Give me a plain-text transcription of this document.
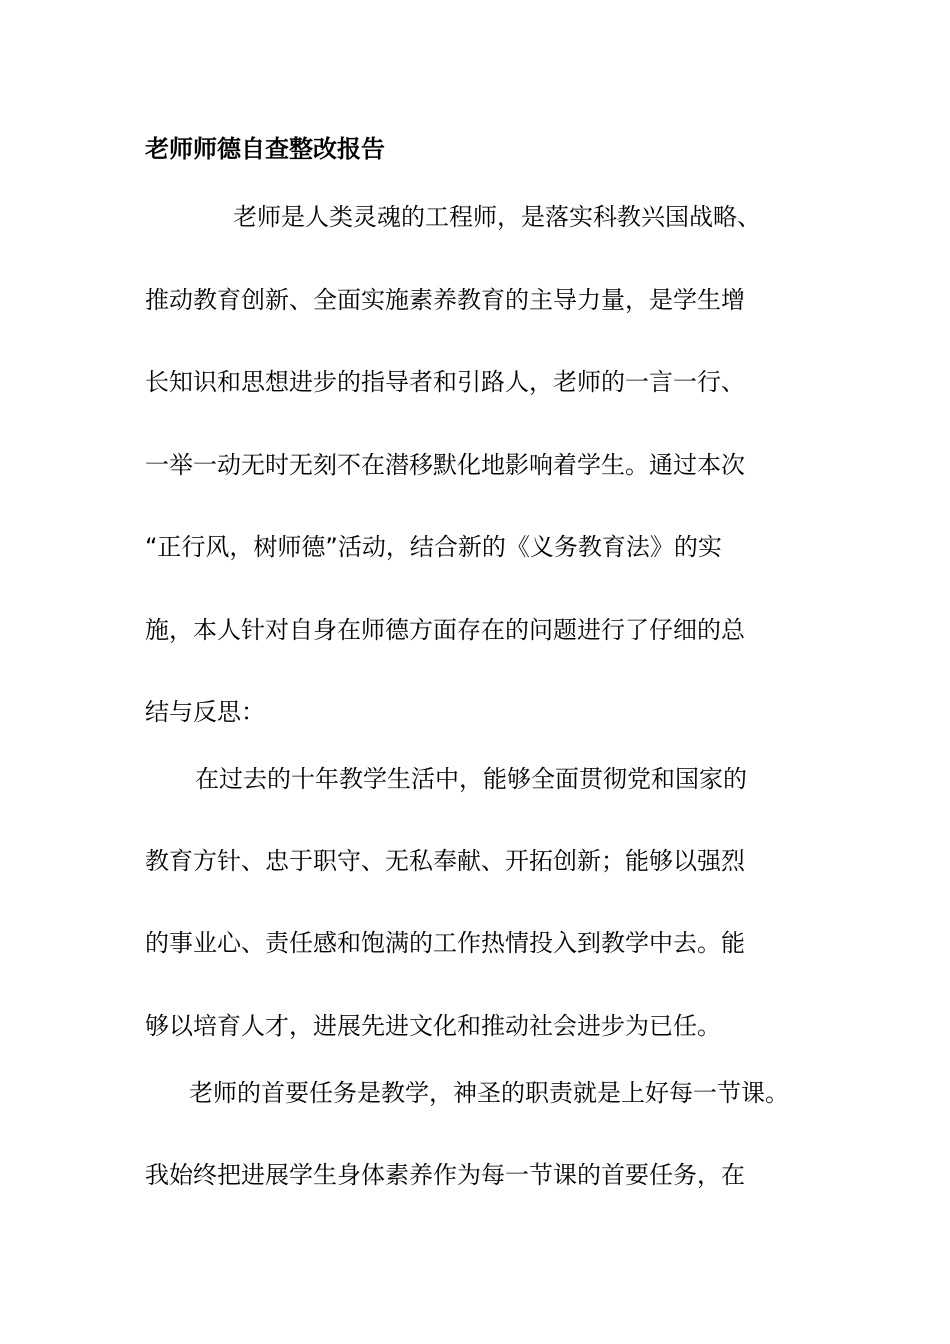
老师师德自查整改报告
老师是人类灵魂的工程师，是落实科教兴国战略、
推动教育创新、全面实施素养教育的主导力量，是学生增
长知识和思想进步的指导者和引路人，老师的一言一行、
一举一动无时无刻不在潜移默化地影响着学生。通过本次
“正行风，树师德”活动，结合新的《义务教育法》的实
施，本人针对自身在师德方面存在的问题进行了仔细的总
结与反思：
在过去的十年教学生活中，能够全面贯彻党和国家的
教育方针、忠于职守、无私奉献、开拓创新；能够以强烈
的事业心、责任感和饱满的工作热情投入到教学中去。能
够以培育人才，进展先进文化和推动社会进步为已任。
老师的首要任务是教学，神圣的职责就是上好每一节课。
我始终把进展学生身体素养作为每一节课的首要任务，在
